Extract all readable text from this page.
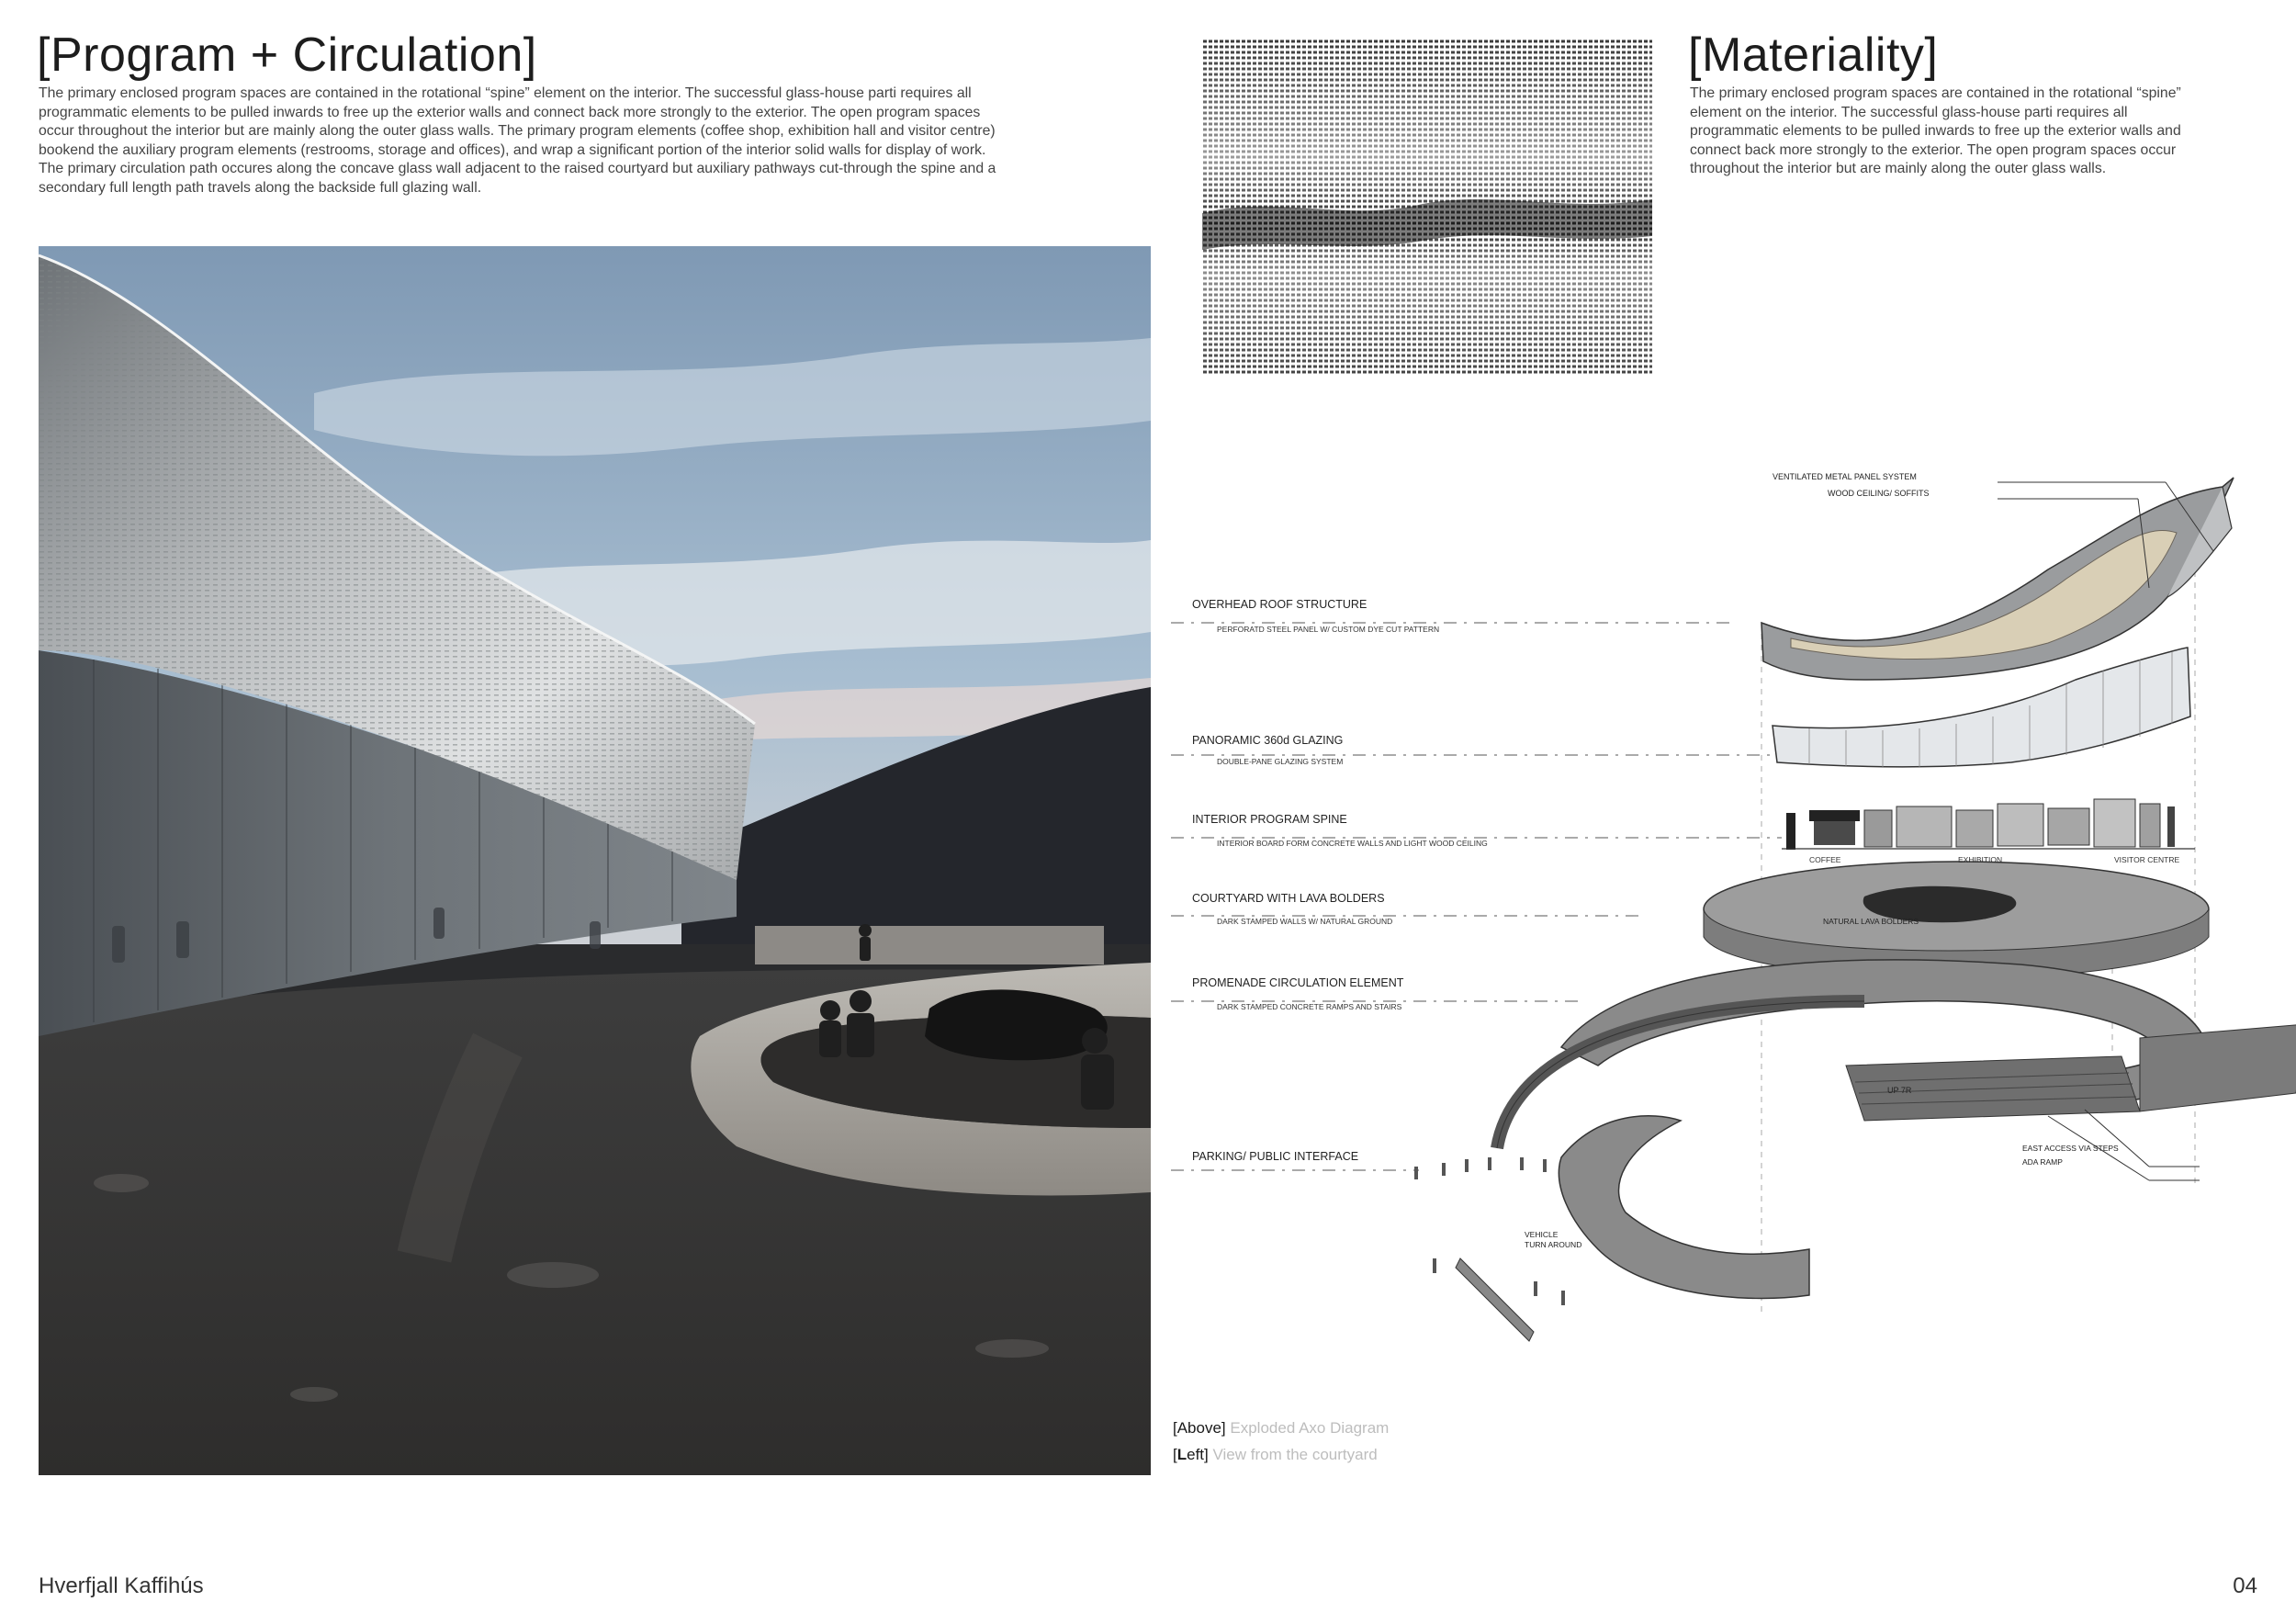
[Program + Circulation]
The primary enclosed program spaces are contained in the rotational “spine” element on the interior. The successful glass-house parti requires all programmatic elements to be pulled inwards to free up the exterior walls and connect back more strongly to the exterior. The open program spaces occur throughout the interior but are mainly along the outer glass walls. The primary program elements (coffee shop, exhibition hall and visitor centre) bookend the auxiliary program elements (restrooms, storage and offices), and wrap a significant portion of the interior solid walls for display of work. The primary circulation path occures along the concave glass wall adjacent to the raised courtyard but auxiliary pathways cut-through the spine and a secondary full length path travels along the backside full glazing wall.
[Materiality]
The primary enclosed program spaces are contained in the rotational “spine” element on the interior. The successful glass-house parti requires all programmatic elements to be pulled inwards to free up the exterior walls and connect back more strongly to the exterior. The open program spaces occur throughout the interior but are mainly along the outer glass walls.
VENTILATED METAL PANEL SYSTEM
WOOD CEILING/ SOFFITS
OVERHEAD ROOF STRUCTURE
PERFORATD STEEL PANEL W/ CUSTOM DYE CUT PATTERN
PANORAMIC 360d GLAZING
DOUBLE-PANE GLAZING SYSTEM
INTERIOR PROGRAM SPINE
INTERIOR BOARD FORM CONCRETE WALLS AND LIGHT WOOD CEILING
COURTYARD WITH LAVA BOLDERS
DARK STAMPED WALLS W/ NATURAL GROUND
PROMENADE CIRCULATION ELEMENT
DARK STAMPED CONCRETE RAMPS AND STAIRS
PARKING/ PUBLIC INTERFACE
COFFEE	EXHIBITION	VISITOR CENTRE
NATURAL LAVA BOLDERS
UP 7R
EAST ACCESS VIA STEPS
ADA RAMP
VEHICLE
TURN AROUND
[Above] Exploded Axo Diagram
[Left] View from the courtyard
Hverfjall Kaffihús	04
